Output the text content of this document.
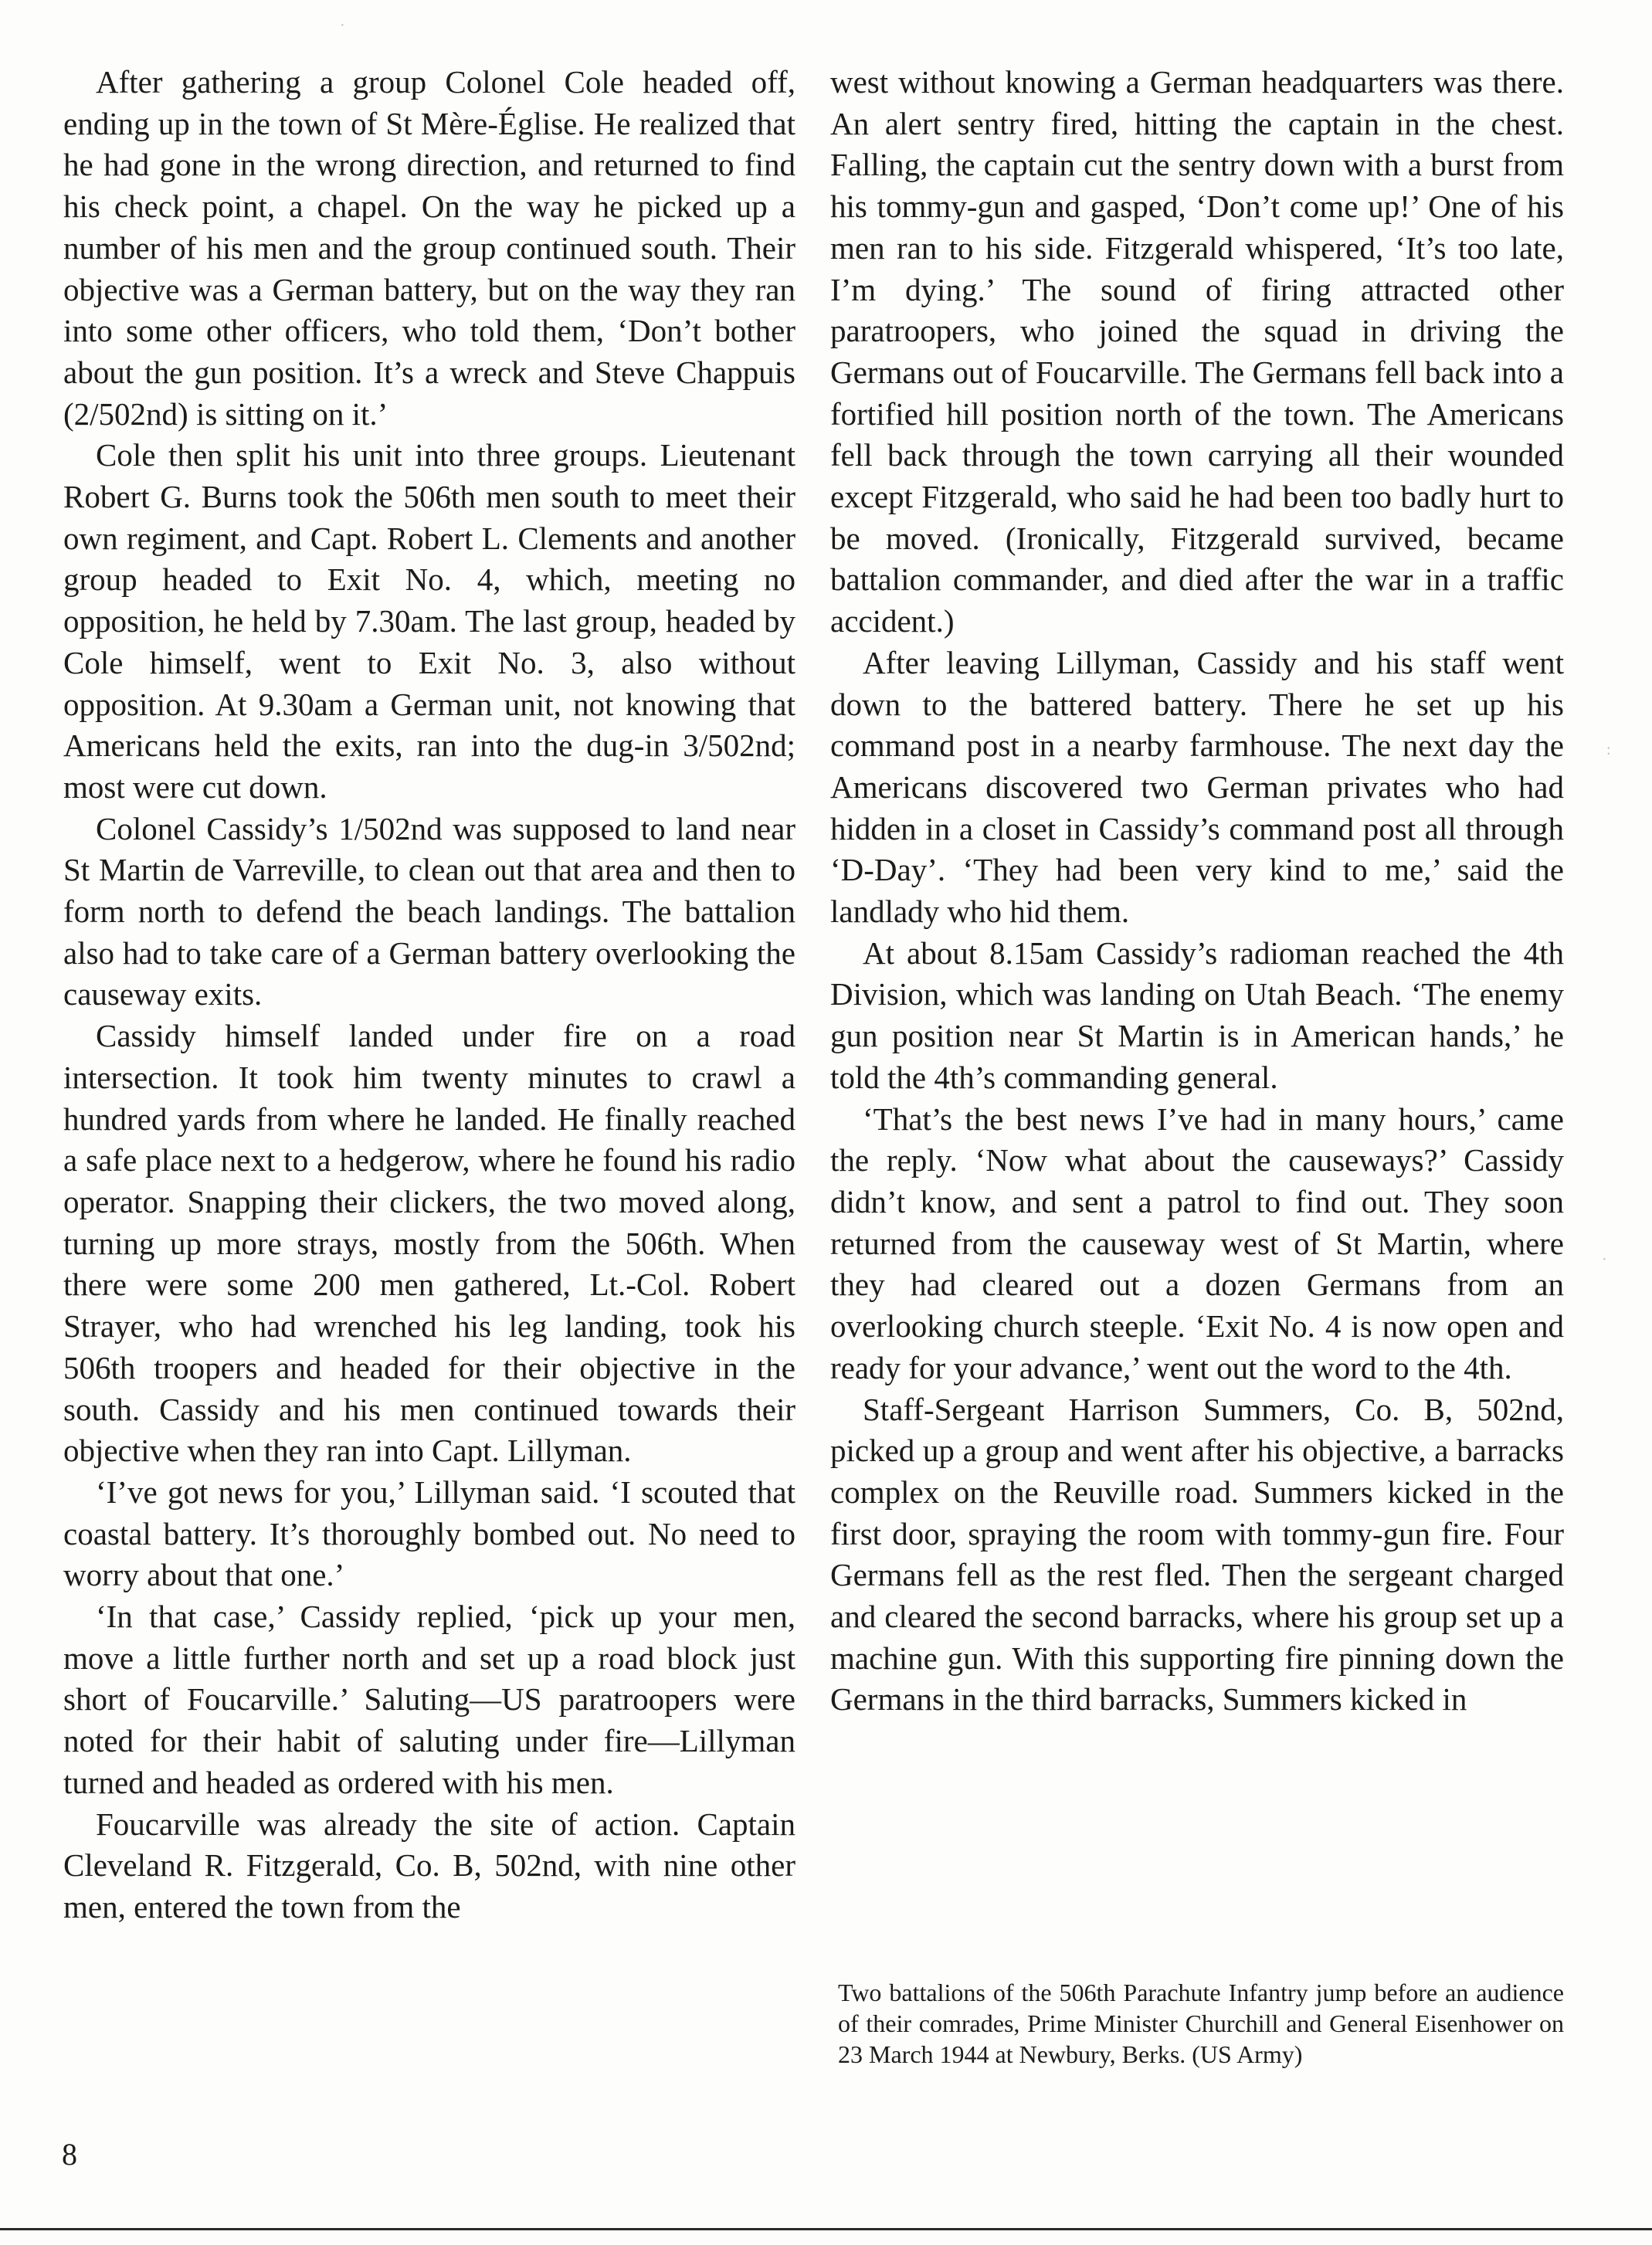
After gathering a group Colonel Cole headed off, ending up in the town of St Mère-Église. He realized that he had gone in the wrong direction, and returned to find his check point, a chapel. On the way he picked up a number of his men and the group continued south. Their objective was a German battery, but on the way they ran into some other officers, who told them, ‘Don’t bother about the gun position. It’s a wreck and Steve Chappuis (2/502nd) is sitting on it.’

Cole then split his unit into three groups. Lieutenant Robert G. Burns took the 506th men south to meet their own regiment, and Capt. Robert L. Clements and another group headed to Exit No. 4, which, meeting no opposition, he held by 7.30am. The last group, headed by Cole himself, went to Exit No. 3, also without opposition. At 9.30am a German unit, not knowing that Americans held the exits, ran into the dug-in 3/502nd; most were cut down.

Colonel Cassidy’s 1/502nd was supposed to land near St Martin de Varreville, to clean out that area and then to form north to defend the beach landings. The battalion also had to take care of a German battery overlooking the causeway exits.

Cassidy himself landed under fire on a road intersection. It took him twenty minutes to crawl a hundred yards from where he landed. He finally reached a safe place next to a hedgerow, where he found his radio operator. Snapping their clickers, the two moved along, turning up more strays, mostly from the 506th. When there were some 200 men gathered, Lt.-Col. Robert Strayer, who had wrenched his leg landing, took his 506th troopers and headed for their objective in the south. Cassidy and his men continued towards their objective when they ran into Capt. Lillyman.

‘I’ve got news for you,’ Lillyman said. ‘I scouted that coastal battery. It’s thoroughly bombed out. No need to worry about that one.’

‘In that case,’ Cassidy replied, ‘pick up your men, move a little further north and set up a road block just short of Foucarville.’ Saluting—US paratroopers were noted for their habit of saluting under fire—Lillyman turned and headed as ordered with his men.

Foucarville was already the site of action. Captain Cleveland R. Fitzgerald, Co. B, 502nd, with nine other men, entered the town from the

west without knowing a German headquarters was there. An alert sentry fired, hitting the captain in the chest. Falling, the captain cut the sentry down with a burst from his tommy-gun and gasped, ‘Don’t come up!’ One of his men ran to his side. Fitzgerald whispered, ‘It’s too late, I’m dying.’ The sound of firing attracted other paratroopers, who joined the squad in driving the Germans out of Foucarville. The Germans fell back into a fortified hill position north of the town. The Americans fell back through the town carrying all their wounded except Fitzgerald, who said he had been too badly hurt to be moved. (Ironically, Fitzgerald survived, became battalion commander, and died after the war in a traffic accident.)

After leaving Lillyman, Cassidy and his staff went down to the battered battery. There he set up his command post in a nearby farmhouse. The next day the Americans discovered two German privates who had hidden in a closet in Cassidy’s command post all through ‘D-Day’. ‘They had been very kind to me,’ said the landlady who hid them.

At about 8.15am Cassidy’s radioman reached the 4th Division, which was landing on Utah Beach. ‘The enemy gun position near St Martin is in American hands,’ he told the 4th’s commanding general.

‘That’s the best news I’ve had in many hours,’ came the reply. ‘Now what about the causeways?’ Cassidy didn’t know, and sent a patrol to find out. They soon returned from the causeway west of St Martin, where they had cleared out a dozen Germans from an overlooking church steeple. ‘Exit No. 4 is now open and ready for your advance,’ went out the word to the 4th.

Staff-Sergeant Harrison Summers, Co. B, 502nd, picked up a group and went after his objective, a barracks complex on the Reuville road. Summers kicked in the first door, spraying the room with tommy-gun fire. Four Germans fell as the rest fled. Then the sergeant charged and cleared the second barracks, where his group set up a machine gun. With this supporting fire pinning down the Germans in the third barracks, Summers kicked in

Two battalions of the 506th Parachute Infantry jump before an audience of their comrades, Prime Minister Churchill and General Eisenhower on 23 March 1944 at Newbury, Berks. (US Army)

8

·
:
·
